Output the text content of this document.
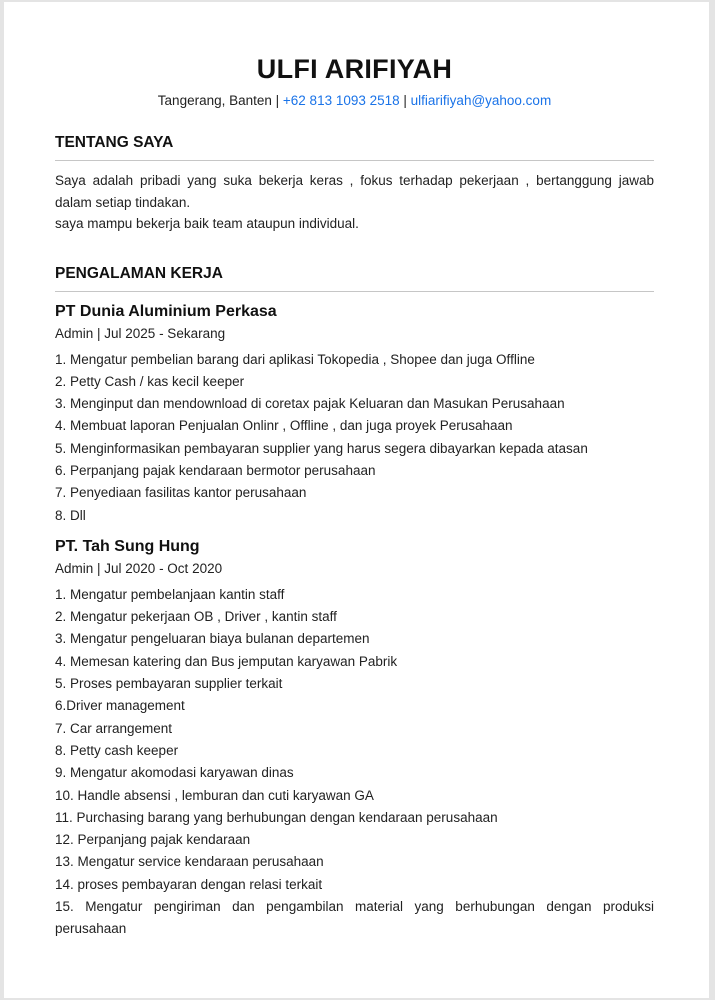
ULFI ARIFIYAH
Tangerang, Banten | +62 813 1093 2518 | ulfiarifiyah@yahoo.com
TENTANG SAYA

Saya adalah pribadi yang suka bekerja keras , fokus terhadap pekerjaan , bertanggung jawab dalam setiap tindakan.

saya mampu bekerja baik team ataupun individual.

PENGALAMAN KERJA
PT Dunia Aluminium Perkasa
Admin | Jul 2025 - Sekarang
1. Mengatur pembelian barang dari aplikasi Tokopedia , Shopee dan juga Offline
2. Petty Cash / kas kecil keeper
3. Menginput dan mendownload di coretax pajak Keluaran dan Masukan Perusahaan
4. Membuat laporan Penjualan Onlinr , Offline , dan juga proyek Perusahaan
5. Menginformasikan pembayaran supplier yang harus segera dibayarkan kepada atasan
6. Perpanjang pajak kendaraan bermotor perusahaan
7. Penyediaan fasilitas kantor perusahaan
8. Dll
PT. Tah Sung Hung
Admin | Jul 2020 - Oct 2020
1. Mengatur pembelanjaan kantin staff
2. Mengatur pekerjaan OB , Driver , kantin staff
3. Mengatur pengeluaran biaya bulanan departemen
4. Memesan katering dan Bus jemputan karyawan Pabrik
5. Proses pembayaran supplier terkait
6.Driver management
7. Car arrangement
8. Petty cash keeper
9. Mengatur akomodasi karyawan dinas
10. Handle absensi , lemburan dan cuti karyawan GA
11. Purchasing barang yang berhubungan dengan kendaraan perusahaan
12. Perpanjang pajak kendaraan
13. Mengatur service kendaraan perusahaan
14. proses pembayaran dengan relasi terkait
15. Mengatur pengiriman dan pengambilan material yang berhubungan dengan produksi perusahaan
